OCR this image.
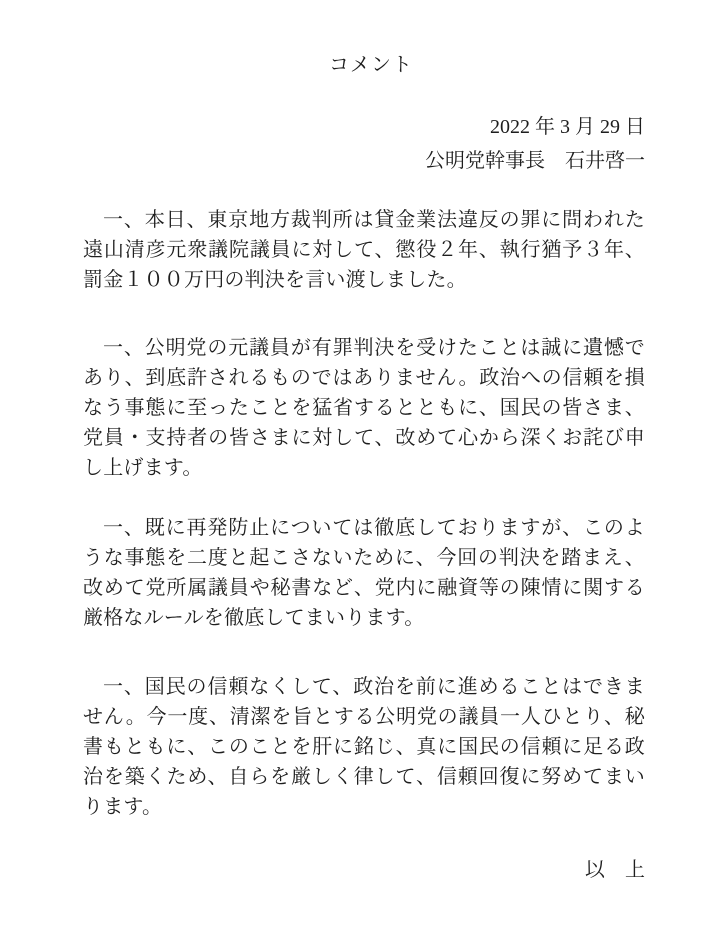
コメント
2022 年 3 月 29 日
公明党幹事長　石井啓一

一、本日、東京地方裁判所は貸金業法違反の罪に問われた遠山清彦元衆議院議員に対して、懲役２年、執行猶予３年、罰金１００万円の判決を言い渡しました。

一、公明党の元議員が有罪判決を受けたことは誠に遺憾であり、到底許されるものではありません。政治への信頼を損なう事態に至ったことを猛省するとともに、国民の皆さま、党員・支持者の皆さまに対して、改めて心から深くお詫び申し上げます。

一、既に再発防止については徹底しておりますが、このような事態を二度と起こさないために、今回の判決を踏まえ、改めて党所属議員や秘書など、党内に融資等の陳情に関する厳格なルールを徹底してまいります。

一、国民の信頼なくして、政治を前に進めることはできません。今一度、清潔を旨とする公明党の議員一人ひとり、秘書もともに、このことを肝に銘じ、真に国民の信頼に足る政治を築くため、自らを厳しく律して、信頼回復に努めてまいります。

以　上
